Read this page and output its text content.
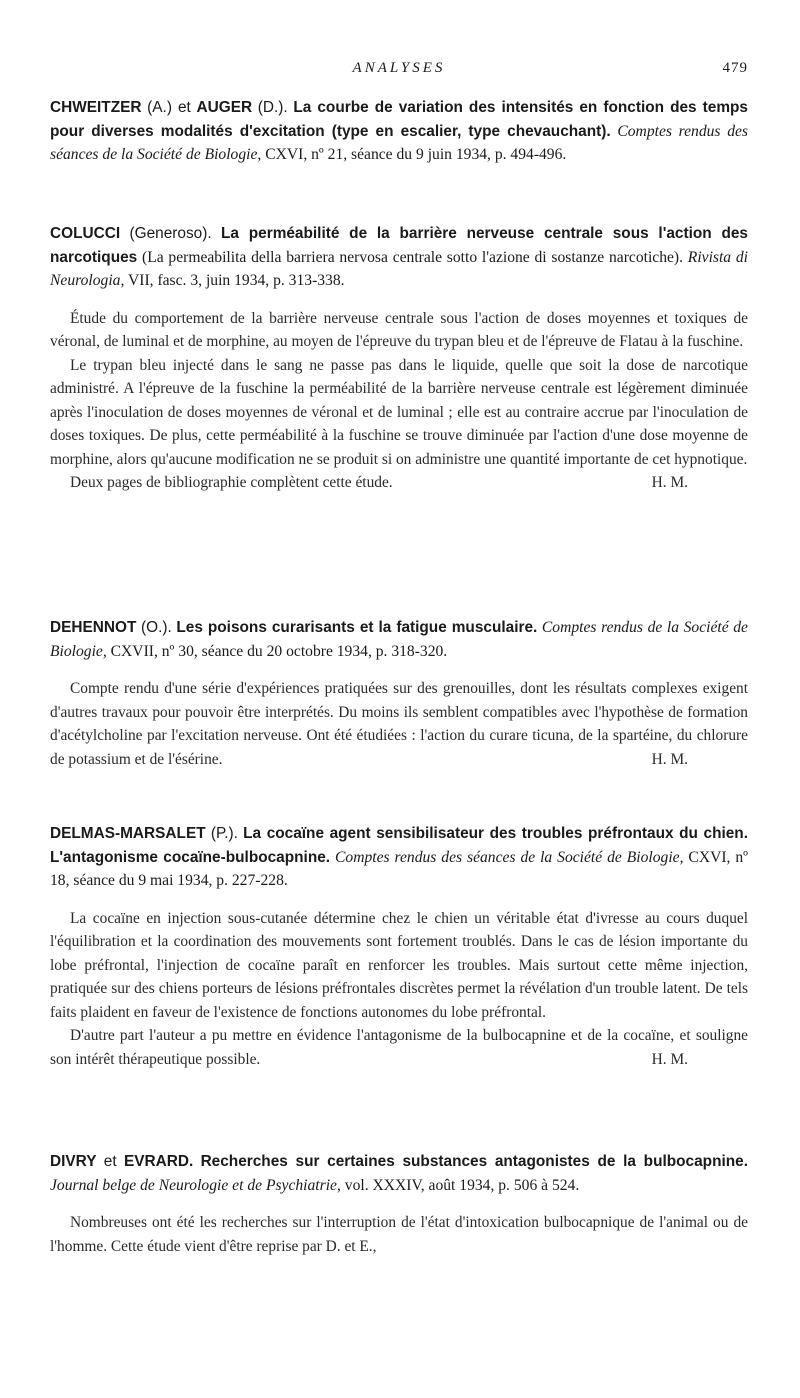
ANALYSES	479
CHWEITZER (A.) et AUGER (D.). La courbe de variation des intensités en fonction des temps pour diverses modalités d'excitation (type en escalier, type chevauchant). Comptes rendus des séances de la Société de Biologie, CXVI, nº 21, séance du 9 juin 1934, p. 494-496.
COLUCCI (Generoso). La perméabilité de la barrière nerveuse centrale sous l'action des narcotiques (La permeabilita della barriera nervosa centrale sotto l'azione di sostanze narcotiche). Rivista di Neurologia, VII, fasc. 3, juin 1934, p. 313-338.

Étude du comportement de la barrière nerveuse centrale sous l'action de doses moyennes et toxiques de véronal, de luminal et de morphine, au moyen de l'épreuve du trypan bleu et de l'épreuve de Flatau à la fuschine.

Le trypan bleu injecté dans le sang ne passe pas dans le liquide, quelle que soit la dose de narcotique administré. A l'épreuve de la fuschine la perméabilité de la barrière nerveuse centrale est légèrement diminuée après l'inoculation de doses moyennes de véronal et de luminal ; elle est au contraire accrue par l'inoculation de doses toxiques. De plus, cette perméabilité à la fuschine se trouve diminuée par l'action d'une dose moyenne de morphine, alors qu'aucune modification ne se produit si on administre une quantité importante de cet hypnotique.

Deux pages de bibliographie complètent cette étude.	H. M.

DEHENNOT (O.). Les poisons curarisants et la fatigue musculaire. Comptes rendus de la Société de Biologie, CXVII, nº 30, séance du 20 octobre 1934, p. 318-320.

Compte rendu d'une série d'expériences pratiquées sur des grenouilles, dont les résultats complexes exigent d'autres travaux pour pouvoir être interprétés. Du moins ils semblent compatibles avec l'hypothèse de formation d'acétylcholine par l'excitation nerveuse. Ont été étudiées : l'action du curare ticuna, de la spartéine, du chlorure de potassium et de l'ésérine.	H. M.

DELMAS-MARSALET (P.). La cocaïne agent sensibilisateur des troubles préfrontaux du chien. L'antagonisme cocaïne-bulbocapnine. Comptes rendus des séances de la Société de Biologie, CXVI, nº 18, séance du 9 mai 1934, p. 227-228.

La cocaïne en injection sous-cutanée détermine chez le chien un véritable état d'ivresse au cours duquel l'équilibration et la coordination des mouvements sont fortement troublés. Dans le cas de lésion importante du lobe préfrontal, l'injection de cocaïne paraît en renforcer les troubles. Mais surtout cette même injection, pratiquée sur des chiens porteurs de lésions préfrontales discrètes permet la révélation d'un trouble latent. De tels faits plaident en faveur de l'existence de fonctions autonomes du lobe préfrontal.

D'autre part l'auteur a pu mettre en évidence l'antagonisme de la bulbocapnine et de la cocaïne, et souligne son intérêt thérapeutique possible.	H. M.

DIVRY et EVRARD. Recherches sur certaines substances antagonistes de la bulbocapnine. Journal belge de Neurologie et de Psychiatrie, vol. XXXIV, août 1934, p. 506 à 524.

Nombreuses ont été les recherches sur l'interruption de l'état d'intoxication bulbocapnique de l'animal ou de l'homme. Cette étude vient d'être reprise par D. et E.,
